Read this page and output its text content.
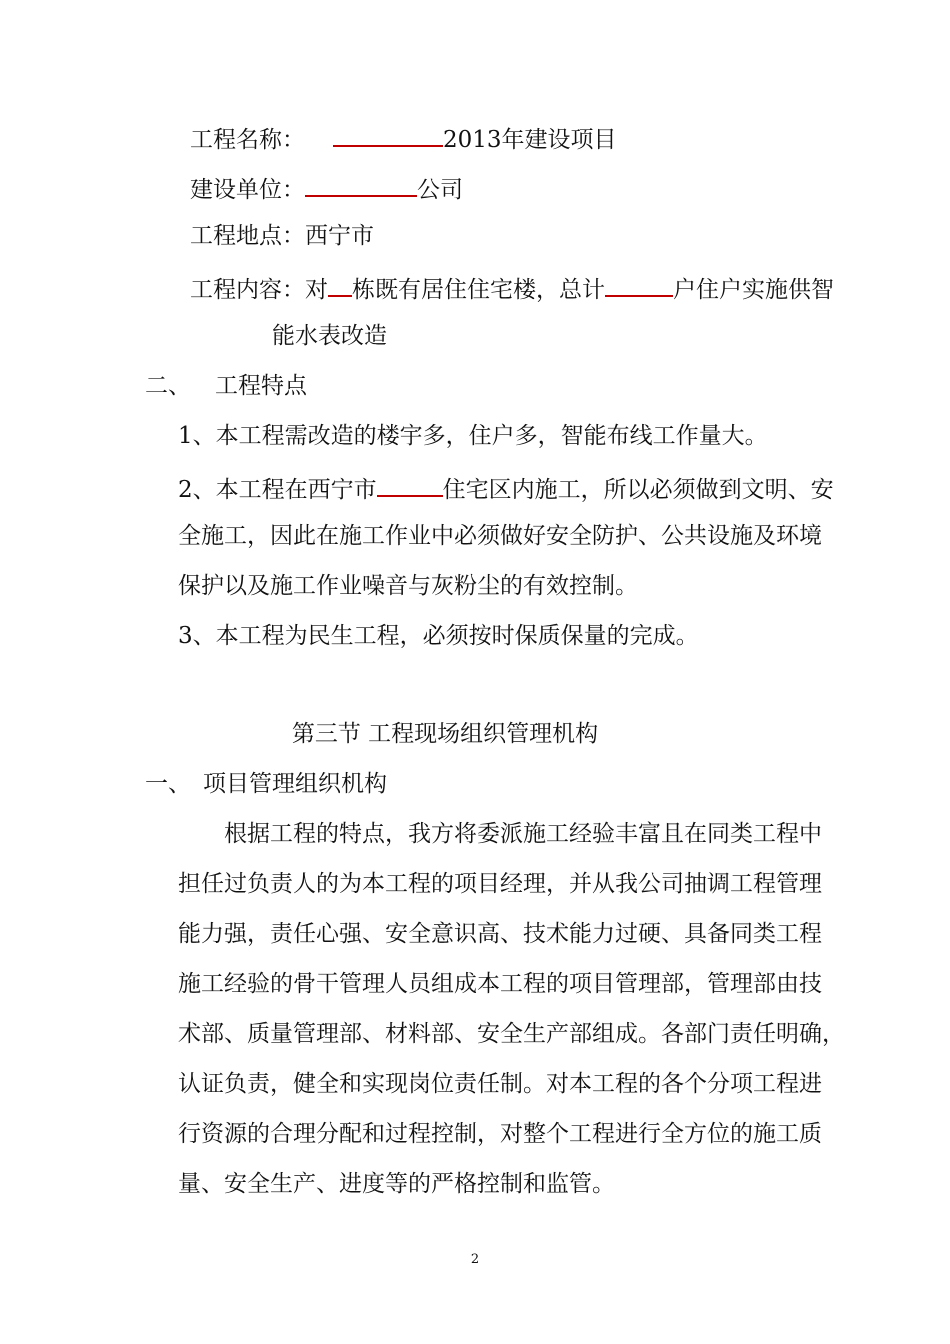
工程名称：	2013年建设项目
建设单位：	公司
工程地点：西宁市
工程内容：对 栋既有居住住宅楼，总计	户住户实施供智
能水表改造
二、 工程特点
1、本工程需改造的楼宇多，住户多，智能布线工作量大。
2、本工程在西宁市	住宅区内施工，所以必须做到文明、安
全施工，因此在施工作业中必须做好安全防护、公共设施及环境
保护以及施工作业噪音与灰粉尘的有效控制。
3、本工程为民生工程，必须按时保质保量的完成。
第三节 工程现场组织管理机构
一、 项目管理组织机构
根据工程的特点，我方将委派施工经验丰富且在同类工程中
担任过负责人的为本工程的项目经理，并从我公司抽调工程管理
能力强，责任心强、安全意识高、技术能力过硬、具备同类工程
施工经验的骨干管理人员组成本工程的项目管理部，管理部由技
术部、质量管理部、材料部、安全生产部组成。各部门责任明确，
认证负责，健全和实现岗位责任制。对本工程的各个分项工程进
行资源的合理分配和过程控制，对整个工程进行全方位的施工质
量、安全生产、进度等的严格控制和监管。
2
